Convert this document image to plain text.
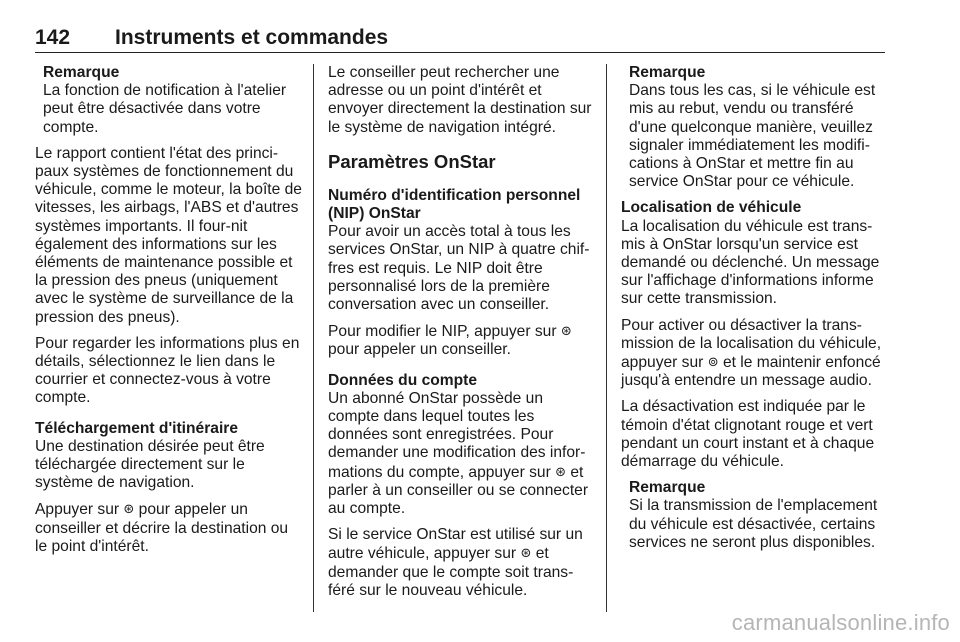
142 Instruments et commandes
Remarque
La fonction de notification à l'atelier peut être désactivée dans votre compte.

Le rapport contient l'état des princi-paux systèmes de fonctionnement du véhicule, comme le moteur, la boîte de vitesses, les airbags, l'ABS et d'autres systèmes importants. Il four-nit également des informations sur les éléments de maintenance possible et la pression des pneus (uniquement avec le système de surveillance de la pression des pneus).

Pour regarder les informations plus en détails, sélectionnez le lien dans le courrier et connectez-vous à votre compte.

Téléchargement d'itinéraire

Une destination désirée peut être téléchargée directement sur le système de navigation.

Appuyer sur ⊛ pour appeler un conseiller et décrire la destination ou le point d'intérêt.

Le conseiller peut rechercher une adresse ou un point d'intérêt et envoyer directement la destination sur le système de navigation intégré.

Paramètres OnStar
Numéro d'identification personnel (NIP) OnStar

Pour avoir un accès total à tous les services OnStar, un NIP à quatre chif-fres est requis. Le NIP doit être personnalisé lors de la première conversation avec un conseiller.

Pour modifier le NIP, appuyer sur ⊛ pour appeler un conseiller.

Données du compte

Un abonné OnStar possède un compte dans lequel toutes les données sont enregistrées. Pour demander une modification des infor-mations du compte, appuyer sur ⊛ et parler à un conseiller ou se connecter au compte.

Si le service OnStar est utilisé sur un autre véhicule, appuyer sur ⊛ et demander que le compte soit trans-féré sur le nouveau véhicule.

Remarque
Dans tous les cas, si le véhicule est mis au rebut, vendu ou transféré d'une quelconque manière, veuillez signaler immédiatement les modifi-cations à OnStar et mettre fin au service OnStar pour ce véhicule.
Localisation de véhicule

La localisation du véhicule est trans-mis à OnStar lorsqu'un service est demandé ou déclenché. Un message sur l'affichage d'informations informe sur cette transmission.

Pour activer ou désactiver la trans-mission de la localisation du véhicule, appuyer sur ⊚ et le maintenir enfoncé jusqu'à entendre un message audio.

La désactivation est indiquée par le témoin d'état clignotant rouge et vert pendant un court instant et à chaque démarrage du véhicule.

Remarque
Si la transmission de l'emplacement du véhicule est désactivée, certains services ne seront plus disponibles.
carmanualsonline.info
